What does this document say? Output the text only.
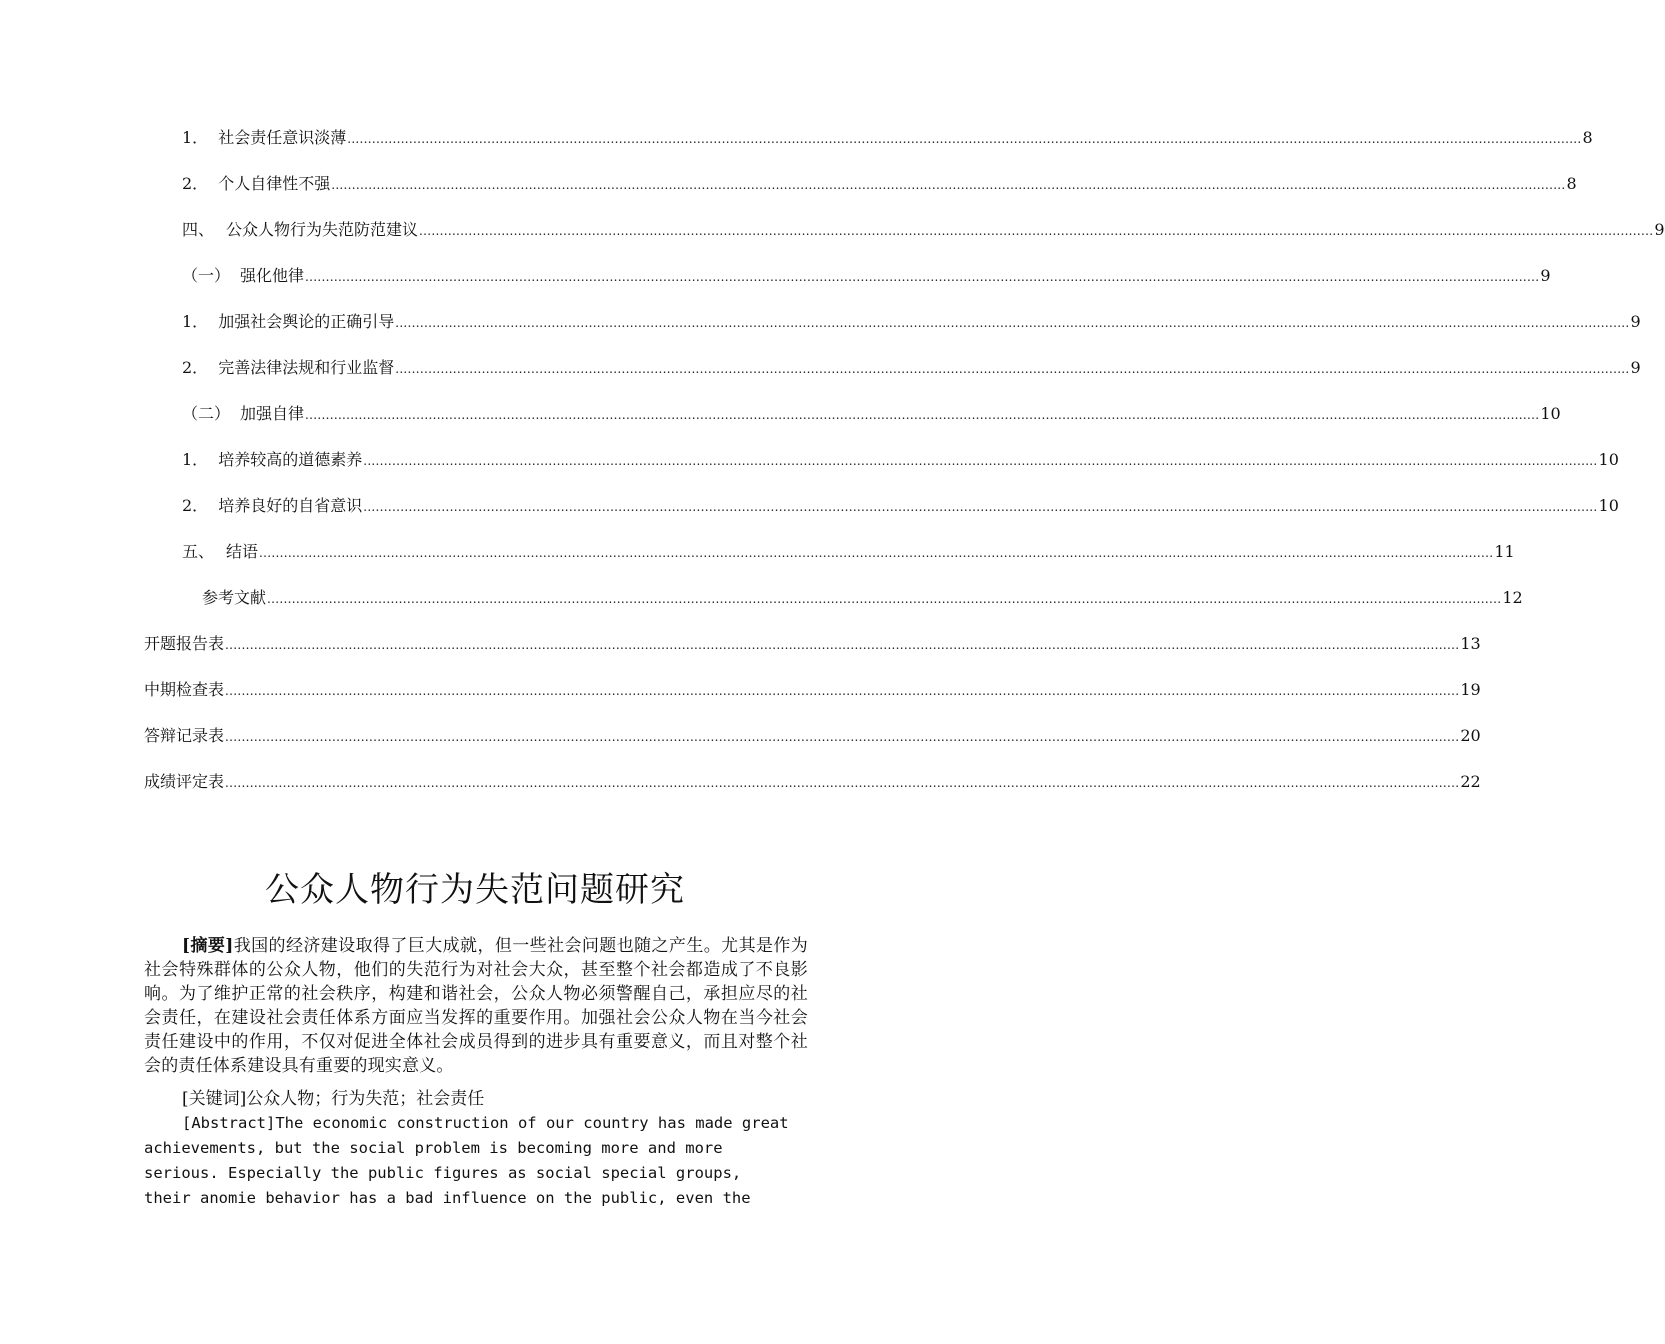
1． 社会责任意识淡薄 ............................................................................................................................................................................................................................................................................................................ 8
2． 个人自律性不强 ............................................................................................................................................................................................................................................................................................................ 8
四、 公众人物行为失范防范建议 ............................................................................................................................................................................................................................................................................................................ 9
（一） 强化他律 ............................................................................................................................................................................................................................................................................................................ 9
1． 加强社会舆论的正确引导 ............................................................................................................................................................................................................................................................................................................ 9
2． 完善法律法规和行业监督 ............................................................................................................................................................................................................................................................................................................ 9
（二） 加强自律 ............................................................................................................................................................................................................................................................................................................ 10
1． 培养较高的道德素养 ............................................................................................................................................................................................................................................................................................................ 10
2． 培养良好的自省意识 ............................................................................................................................................................................................................................................................................................................ 10
五、 结语 ............................................................................................................................................................................................................................................................................................................ 11
参考文献 ............................................................................................................................................................................................................................................................................................................ 12
开题报告表 ............................................................................................................................................................................................................................................................................................................ 13
中期检查表 ............................................................................................................................................................................................................................................................................................................ 19
答辩记录表 ............................................................................................................................................................................................................................................................................................................ 20
成绩评定表 ............................................................................................................................................................................................................................................................................................................ 22
公众人物行为失范问题研究

[摘要]我国的经济建设取得了巨大成就，但一些社会问题也随之产生。尤其是作为社会特殊群体的公众人物，他们的失范行为对社会大众，甚至整个社会都造成了不良影响。为了维护正常的社会秩序，构建和谐社会，公众人物必须警醒自己，承担应尽的社会责任，在建设社会责任体系方面应当发挥的重要作用。加强社会公众人物在当今社会责任建设中的作用，不仅对促进全体社会成员得到的进步具有重要意义，而且对整个社会的责任体系建设具有重要的现实意义。

[关键词]公众人物；行为失范；社会责任

[Abstract]The economic construction of our country has made great
achievements, but the social problem is becoming more and more
serious. Especially the public figures as social special groups,
their anomie behavior has a bad influence on the public, even the
